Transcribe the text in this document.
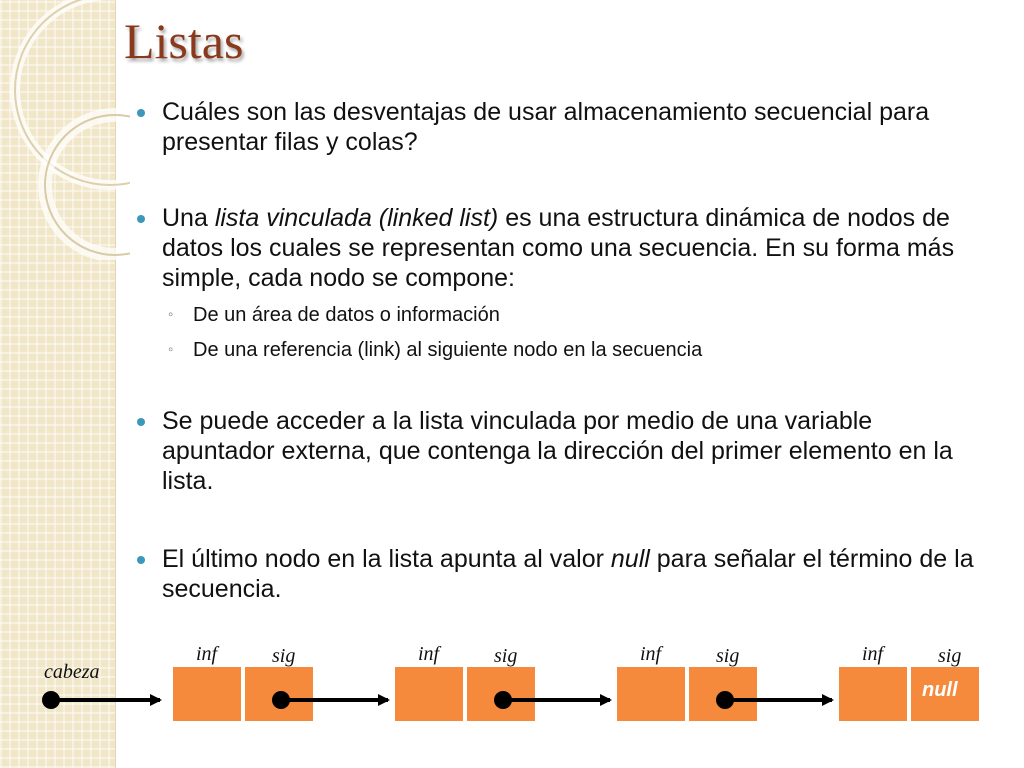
Listas
Cuáles son las desventajas de usar almacenamiento secuencial para presentar filas y colas?
Una lista vinculada (linked list) es una estructura dinámica de nodos de datos los cuales se representan como una secuencia. En su forma más simple, cada nodo se compone:
◦ De un área de datos o información
◦ De una referencia (link) al siguiente nodo en la secuencia
Se puede acceder a la lista vinculada por medio de una variable apuntador externa, que contenga la dirección del primer elemento en la lista.
El último nodo en la lista apunta al valor null para señalar el término de la secuencia.
cabeza
inf	sig	inf	sig	inf	sig	inf	sig
null
